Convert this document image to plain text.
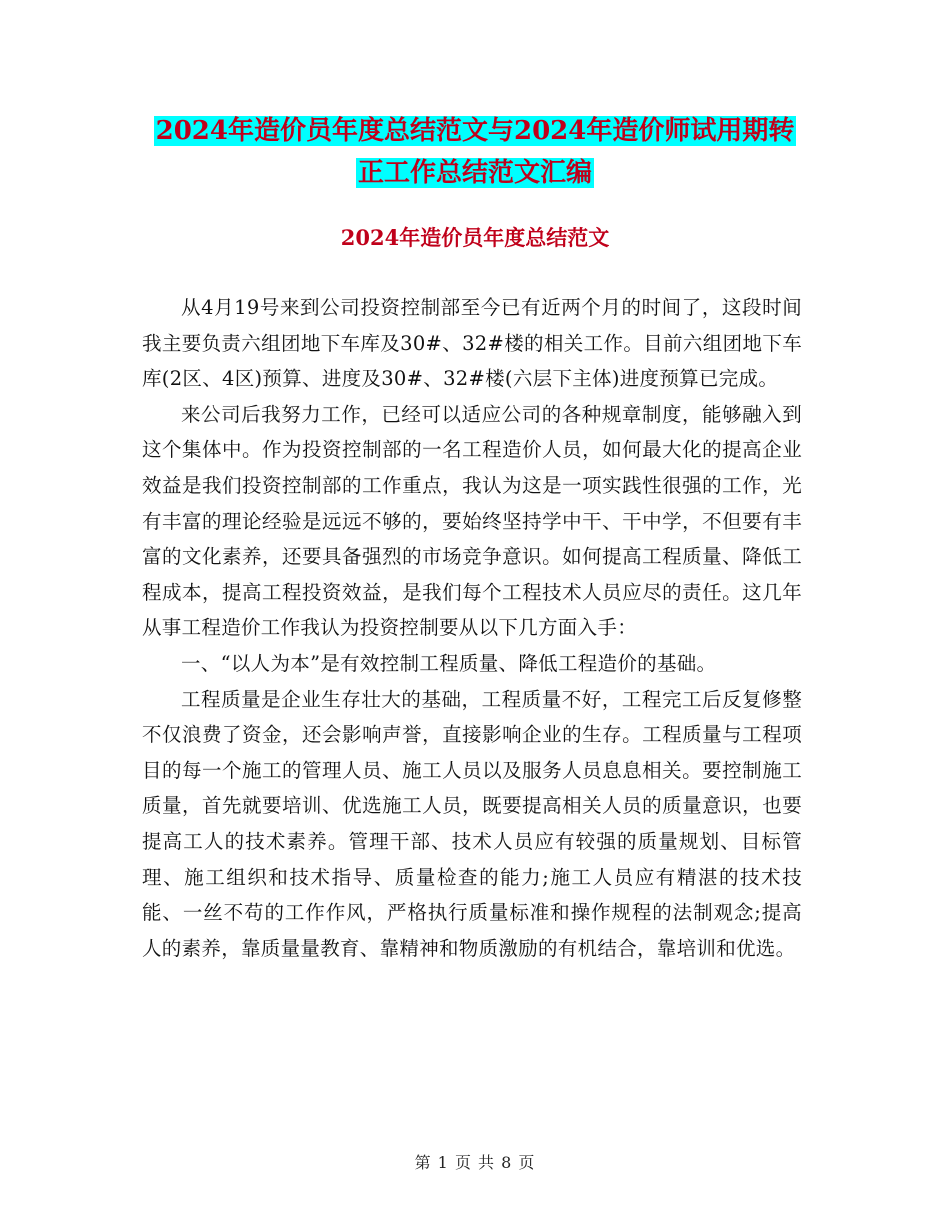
2024年造价员年度总结范文与2024年造价师试用期转
正工作总结范文汇编
2024年造价员年度总结范文

从4月19号来到公司投资控制部至今已有近两个月的时间了，这段时间我主要负责六组团地下车库及30#、32#楼的相关工作。目前六组团地下车库(2区、4区)预算、进度及30#、32#楼(六层下主体)进度预算已完成。

来公司后我努力工作，已经可以适应公司的各种规章制度，能够融入到这个集体中。作为投资控制部的一名工程造价人员，如何最大化的提高企业效益是我们投资控制部的工作重点，我认为这是一项实践性很强的工作，光有丰富的理论经验是远远不够的，要始终坚持学中干、干中学，不但要有丰富的文化素养，还要具备强烈的市场竞争意识。如何提高工程质量、降低工程成本，提高工程投资效益，是我们每个工程技术人员应尽的责任。这几年从事工程造价工作我认为投资控制要从以下几方面入手：

一、“以人为本”是有效控制工程质量、降低工程造价的基础。

工程质量是企业生存壮大的基础，工程质量不好，工程完工后反复修整不仅浪费了资金，还会影响声誉，直接影响企业的生存。工程质量与工程项目的每一个施工的管理人员、施工人员以及服务人员息息相关。要控制施工质量，首先就要培训、优选施工人员，既要提高相关人员的质量意识，也要提高工人的技术素养。管理干部、技术人员应有较强的质量规划、目标管理、施工组织和技术指导、质量检查的能力;施工人员应有精湛的技术技能、一丝不苟的工作作风，严格执行质量标准和操作规程的法制观念;提高人的素养，靠质量量教育、靠精神和物质激励的有机结合，靠培训和优选。

第 1 页 共 8 页
